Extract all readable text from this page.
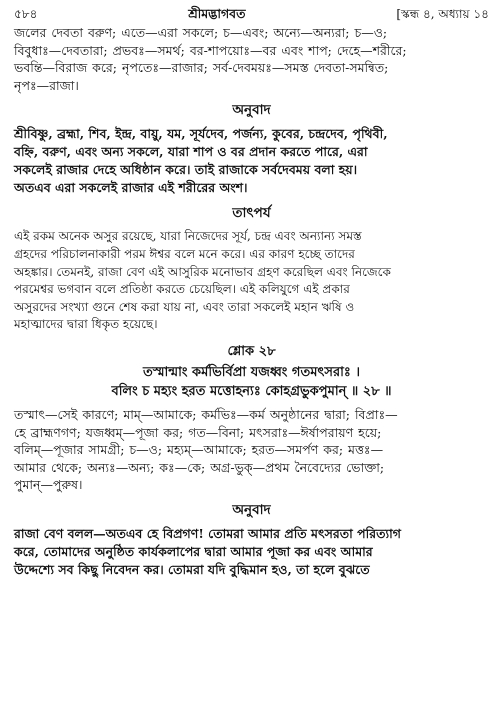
৫৮৪	শ্রীমদ্ভাগবত	[স্কন্ধ ৪, অধ্যায় ১৪

জলের দেবতা বরুণ; এতে—এরা সকলে; চ—এবং; অন্যে—অন্যরা; চ—ও;

বিবুধাঃ—দেবতারা; প্রভবঃ—সমর্থ; বর-শাপয়োঃ—বর এবং শাপ; দেহে—শরীরে;

ভবন্তি—বিরাজ করে; নৃপতেঃ—রাজার; সর্ব-দেবময়ঃ—সমস্ত দেবতা-সমন্বিত;

নৃপঃ—রাজা।

অনুবাদ

শ্রীবিষ্ণু, ব্রহ্মা, শিব, ইন্দ্র, বায়ু, যম, সূর্যদেব, পর্জন্য, কুবের, চন্দ্রদেব, পৃথিবী,

বহ্নি, বরুণ, এবং অন্য সকলে, যারা শাপ ও বর প্রদান করতে পারে, এরা

সকলেই রাজার দেহে অধিষ্ঠান করে। তাই রাজাকে সর্বদেবময় বলা হয়।

অতএব এরা সকলেই রাজার এই শরীরের অংশ।

তাৎপর্য

এই রকম অনেক অসুর রয়েছে, যারা নিজেদের সূর্য, চন্দ্র এবং অন্যান্য সমস্ত

গ্রহদের পরিচালনাকারী পরম ঈশ্বর বলে মনে করে। এর কারণ হচ্ছে তাদের

অহঙ্কার। তেমনই, রাজা বেণ এই আসুরিক মনোভাব গ্রহণ করেছিল এবং নিজেকে

পরমেশ্বর ভগবান বলে প্রতিষ্ঠা করতে চেয়েছিল। এই কলিযুগে এই প্রকার

অসুরদের সংখ্যা গুনে শেষ করা যায় না, এবং তারা সকলেই মহান ঋষি ও

মহাত্মাদের দ্বারা ধিকৃত হয়েছে।

শ্লোক ২৮

তস্মান্মাং কর্মভির্বিপ্রা যজধ্বং গতমৎসরাঃ ।

বলিং চ মহ্যং হরত মত্তোহন্যঃ কোহগ্রভুকপুমান্ ॥ ২৮ ॥

তস্মাৎ—সেই কারণে; মাম্—আমাকে; কর্মভিঃ—কর্ম অনুষ্ঠানের দ্বারা; বিপ্রাঃ—

হে ব্রাহ্মণগণ; যজধ্বম্—পূজা কর; গত—বিনা; মৎসরাঃ—ঈর্ষাপরায়ণ হয়ে;

বলিম্—পূজার সামগ্রী; চ—ও; মহ্যম্—আমাকে; হরত—সমর্পণ কর; মত্তঃ—

আমার থেকে; অন্যঃ—অন্য; কঃ—কে; অগ্র-ভুক্—প্রথম নৈবেদ্যের ভোক্তা;

পুমান্—পুরুষ।

অনুবাদ

রাজা বেণ বলল—অতএব হে বিপ্রগণ! তোমরা আমার প্রতি মৎসরতা পরিত্যাগ

করে, তোমাদের অনুষ্ঠিত কার্যকলাপের দ্বারা আমার পূজা কর এবং আমার

উদ্দেশ্যে সব কিছু নিবেদন কর। তোমরা যদি বুদ্ধিমান হও, তা হলে বুঝতে
